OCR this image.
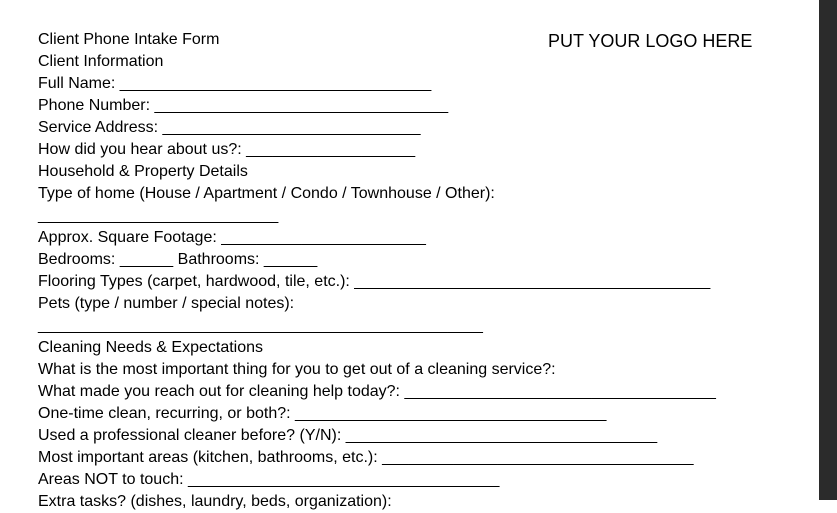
PUT YOUR LOGO HERE
Client Phone Intake Form
Client Information
Full Name: ___________________________________
Phone Number: _________________________________
Service Address: _____________________________
How did you hear about us?: ___________________
Household & Property Details
Type of home (House / Apartment / Condo / Townhouse / Other):
___________________________
Approx. Square Footage: _______________________
Bedrooms: ______ Bathrooms: ______
Flooring Types (carpet, hardwood, tile, etc.): ________________________________________
Pets (type / number / special notes):
__________________________________________________
Cleaning Needs & Expectations
What is the most important thing for you to get out of a cleaning service?:
What made you reach out for cleaning help today?: ___________________________________
One-time clean, recurring, or both?: ___________________________________
Used a professional cleaner before? (Y/N): ___________________________________
Most important areas (kitchen, bathrooms, etc.): ___________________________________
Areas NOT to touch: ___________________________________
Extra tasks? (dishes, laundry, beds, organization):
